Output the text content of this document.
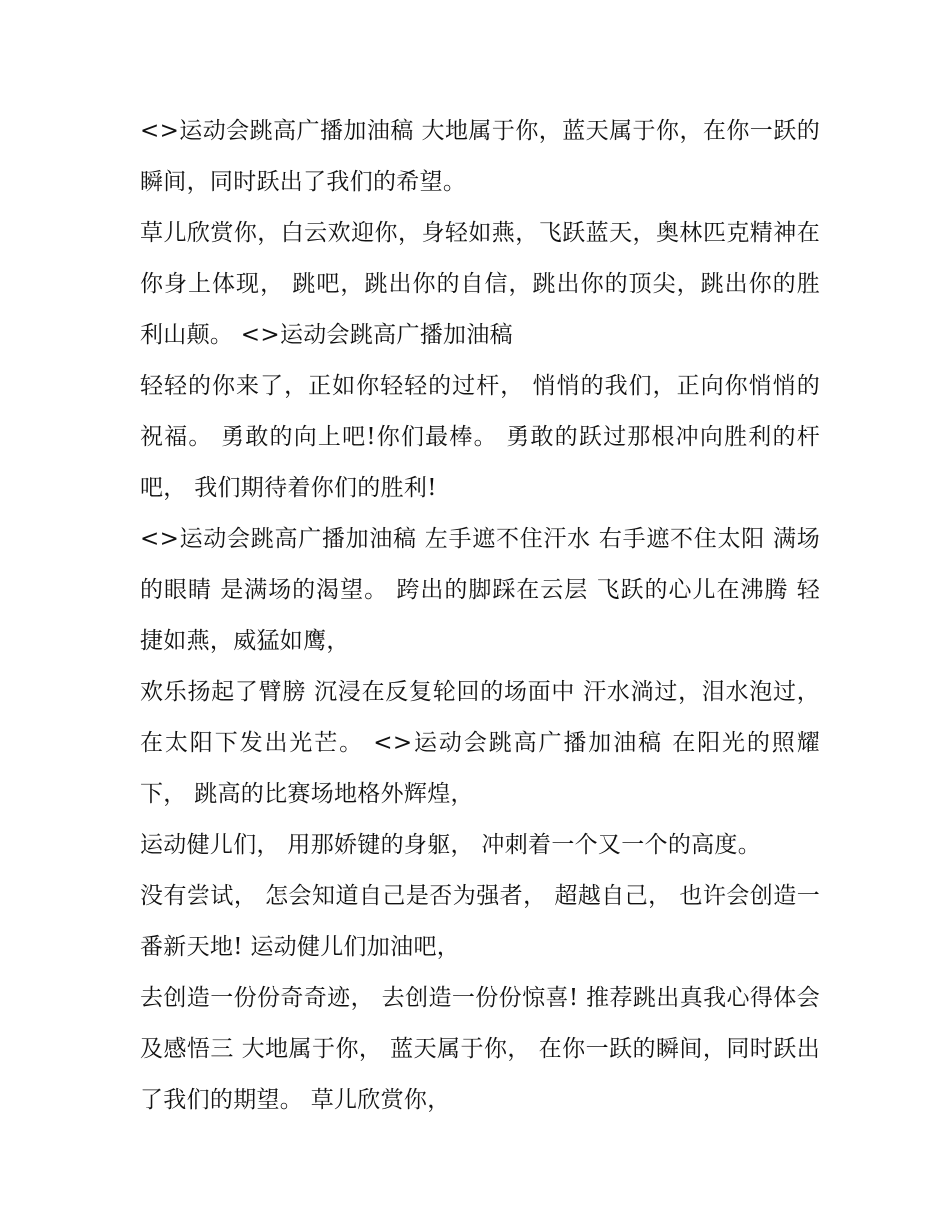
<>运动会跳高广播加油稿 大地属于你，蓝天属于你，在你一跃的瞬间，同时跃出了我们的希望。

草儿欣赏你，白云欢迎你，身轻如燕，飞跃蓝天，奥林匹克精神在你身上体现， 跳吧，跳出你的自信，跳出你的顶尖，跳出你的胜利山颠。 <>运动会跳高广播加油稿

轻轻的你来了，正如你轻轻的过杆， 悄悄的我们，正向你悄悄的祝福。 勇敢的向上吧!你们最棒。 勇敢的跃过那根冲向胜利的杆吧， 我们期待着你们的胜利!

<>运动会跳高广播加油稿 左手遮不住汗水 右手遮不住太阳 满场的眼睛 是满场的渴望。 跨出的脚踩在云层 飞跃的心儿在沸腾 轻捷如燕，威猛如鹰，

欢乐扬起了臂膀 沉浸在反复轮回的场面中 汗水淌过，泪水泡过，在太阳下发出光芒。 <>运动会跳高广播加油稿 在阳光的照耀下， 跳高的比赛场地格外辉煌，

运动健儿们， 用那娇键的身躯， 冲刺着一个又一个的高度。

没有尝试， 怎会知道自己是否为强者， 超越自己， 也许会创造一番新天地! 运动健儿们加油吧，

去创造一份份奇奇迹， 去创造一份份惊喜! 推荐跳出真我心得体会及感悟三 大地属于你， 蓝天属于你， 在你一跃的瞬间，同时跃出了我们的期望。 草儿欣赏你，
